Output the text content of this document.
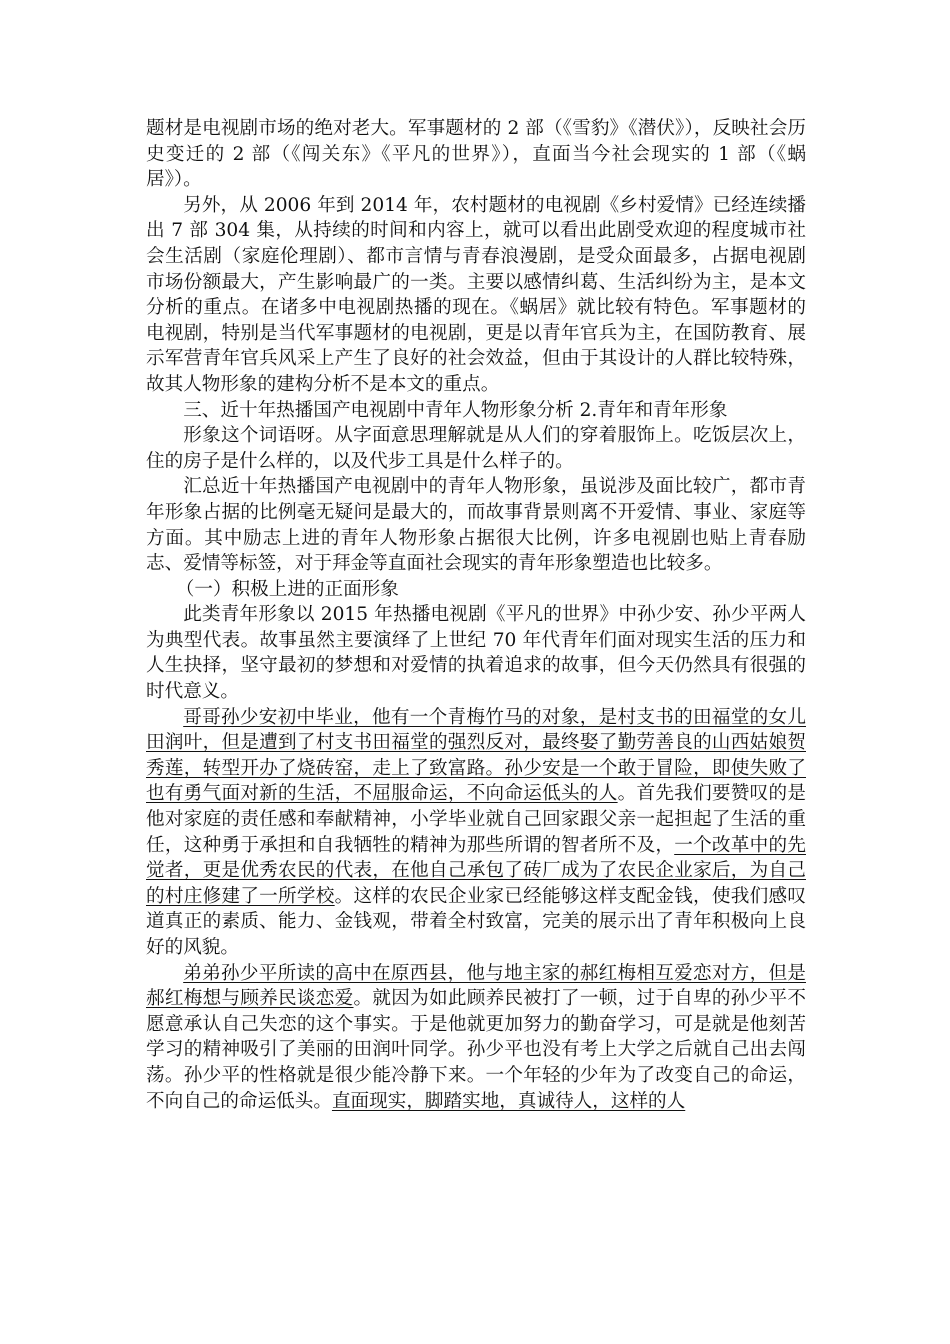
题材是电视剧市场的绝对老大。军事题材的 2 部（《雪豹》《潜伏》），反映社会历史变迁的 2 部（《闯关东》《平凡的世界》），直面当今社会现实的 1 部（《蜗居》）。

另外，从 2006 年到 2014 年，农村题材的电视剧《乡村爱情》已经连续播出 7 部 304 集，从持续的时间和内容上，就可以看出此剧受欢迎的程度城市社会生活剧（家庭伦理剧）、都市言情与青春浪漫剧，是受众面最多，占据电视剧市场份额最大，产生影响最广的一类。主要以感情纠葛、生活纠纷为主，是本文分析的重点。在诸多中电视剧热播的现在。《蜗居》就比较有特色。军事题材的电视剧，特别是当代军事题材的电视剧，更是以青年官兵为主，在国防教育、展示军营青年官兵风采上产生了良好的社会效益，但由于其设计的人群比较特殊，故其人物形象的建构分析不是本文的重点。

三、近十年热播国产电视剧中青年人物形象分析 2.青年和青年形象

形象这个词语呀。从字面意思理解就是从人们的穿着服饰上。吃饭层次上，住的房子是什么样的，以及代步工具是什么样子的。

汇总近十年热播国产电视剧中的青年人物形象，虽说涉及面比较广，都市青年形象占据的比例毫无疑问是最大的，而故事背景则离不开爱情、事业、家庭等方面。其中励志上进的青年人物形象占据很大比例，许多电视剧也贴上青春励志、爱情等标签，对于拜金等直面社会现实的青年形象塑造也比较多。

（一）积极上进的正面形象

此类青年形象以 2015 年热播电视剧《平凡的世界》中孙少安、孙少平两人为典型代表。故事虽然主要演绎了上世纪 70 年代青年们面对现实生活的压力和人生抉择，坚守最初的梦想和对爱情的执着追求的故事，但今天仍然具有很强的时代意义。

哥哥孙少安初中毕业，他有一个青梅竹马的对象，是村支书的田福堂的女儿田润叶，但是遭到了村支书田福堂的强烈反对，最终娶了勤劳善良的山西姑娘贺秀莲，转型开办了烧砖窑，走上了致富路。孙少安是一个敢于冒险，即使失败了也有勇气面对新的生活，不屈服命运，不向命运低头的人。首先我们要赞叹的是他对家庭的责任感和奉献精神，小学毕业就自己回家跟父亲一起担起了生活的重任，这种勇于承担和自我牺牲的精神为那些所谓的智者所不及，一个改革中的先觉者，更是优秀农民的代表，在他自己承包了砖厂成为了农民企业家后，为自己的村庄修建了一所学校。这样的农民企业家已经能够这样支配金钱，使我们感叹道真正的素质、能力、金钱观，带着全村致富，完美的展示出了青年积极向上良好的风貌。

弟弟孙少平所读的高中在原西县，他与地主家的郝红梅相互爱恋对方，但是郝红梅想与顾养民谈恋爱。就因为如此顾养民被打了一顿，过于自卑的孙少平不愿意承认自己失恋的这个事实。于是他就更加努力的勤奋学习，可是就是他刻苦学习的精神吸引了美丽的田润叶同学。孙少平也没有考上大学之后就自己出去闯荡。孙少平的性格就是很少能冷静下来。一个年轻的少年为了改变自己的命运，不向自己的命运低头。直面现实，脚踏实地，真诚待人，这样的人
